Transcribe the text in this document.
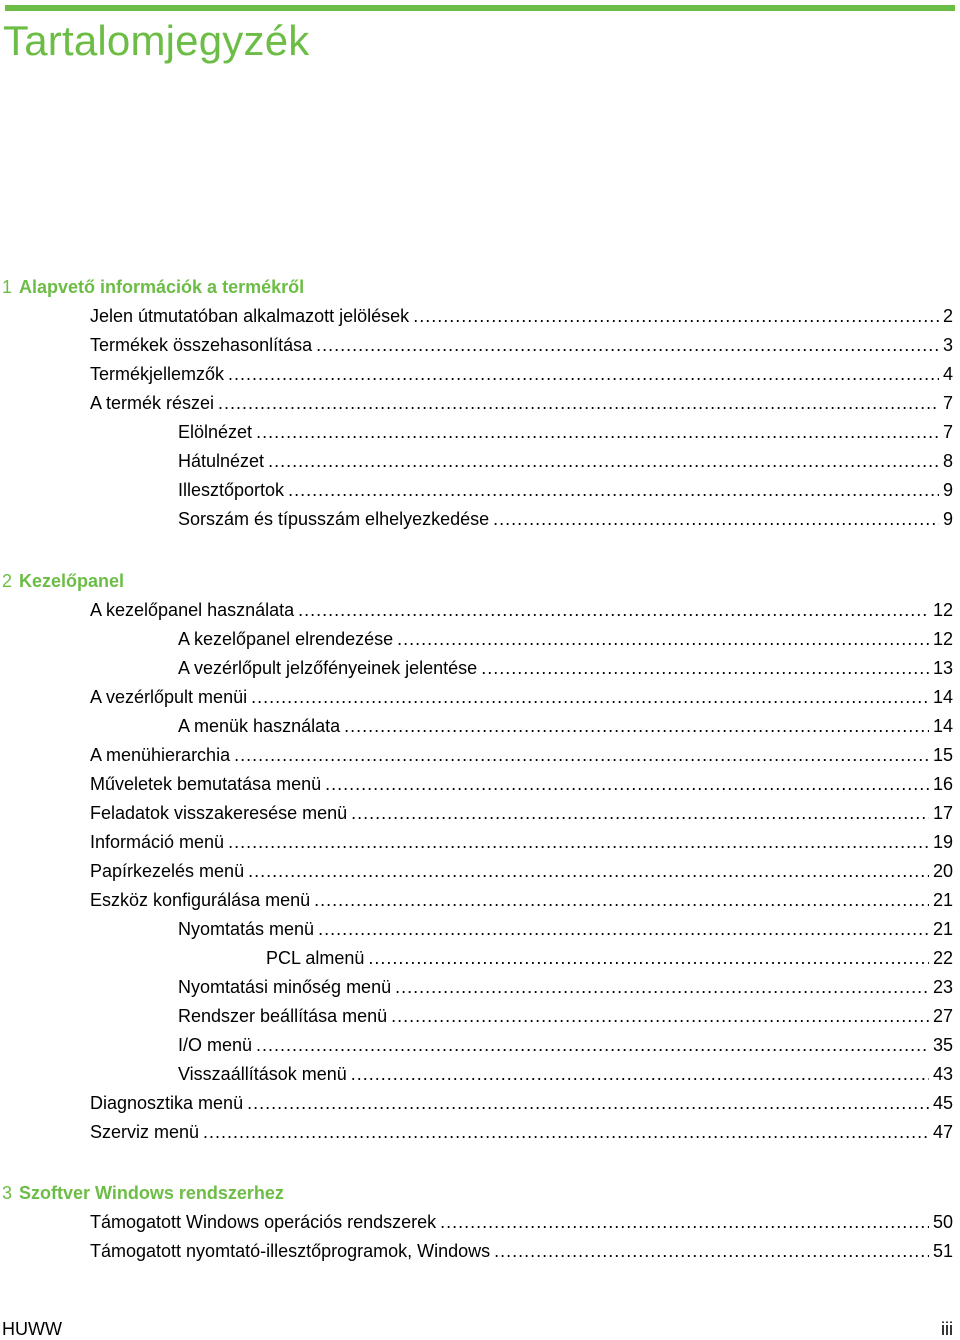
Tartalomjegyzék
1 Alapvető információk a termékről
Jelen útmutatóban alkalmazott jelölések .....	2
Termékek összehasonlítása .....	3
Termékjellemzők .....	4
A termék részei .....	7
Elölnézet .....	7
Hátulnézet .....	8
Illesztőportok .....	9
Sorszám és típusszám elhelyezkedése .....	9
2 Kezelőpanel
A kezelőpanel használata .....	12
A kezelőpanel elrendezése .....	12
A vezérlőpult jelzőfényeinek jelentése .....	13
A vezérlőpult menüi .....	14
A menük használata .....	14
A menühierarchia .....	15
Műveletek bemutatása menü .....	16
Feladatok visszakeresése menü .....	17
Információ menü .....	19
Papírkezelés menü .....	20
Eszköz konfigurálása menü .....	21
Nyomtatás menü .....	21
PCL almenü .....	22
Nyomtatási minőség menü .....	23
Rendszer beállítása menü .....	27
I/O menü .....	35
Visszaállítások menü .....	43
Diagnosztika menü .....	45
Szerviz menü .....	47
3 Szoftver Windows rendszerhez
Támogatott Windows operációs rendszerek .....	50
Támogatott nyomtató-illesztőprogramok, Windows .....	51
HUWW	iii
